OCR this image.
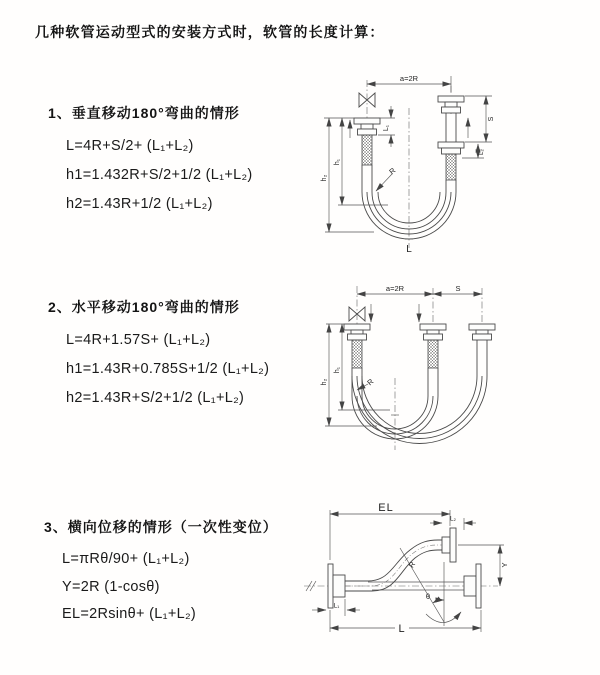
几种软管运动型式的安装方式时，软管的长度计算：
1、垂直移动180°弯曲的情形
L=4R+S/2+ (L₁+L₂)
h1=1.432R+S/2+1/2 (L₁+L₂)
h2=1.43R+1/2 (L₁+L₂)
2、水平移动180°弯曲的情形
L=4R+1.57S+ (L₁+L₂)
h1=1.43R+0.785S+1/2 (L₁+L₂)
h2=1.43R+S/2+1/2 (L₁+L₂)
3、横向位移的情形（一次性变位）
L=πRθ/90+ (L₁+L₂)
Y=2R (1-cosθ)
EL=2Rsinθ+ (L₁+L₂)
a=2R
L₁
S
L₂
R
h₁
h₂
L
a=2R	S
R
h₁
h₂
EL
L₂
Y
R
θ
L
L₁
